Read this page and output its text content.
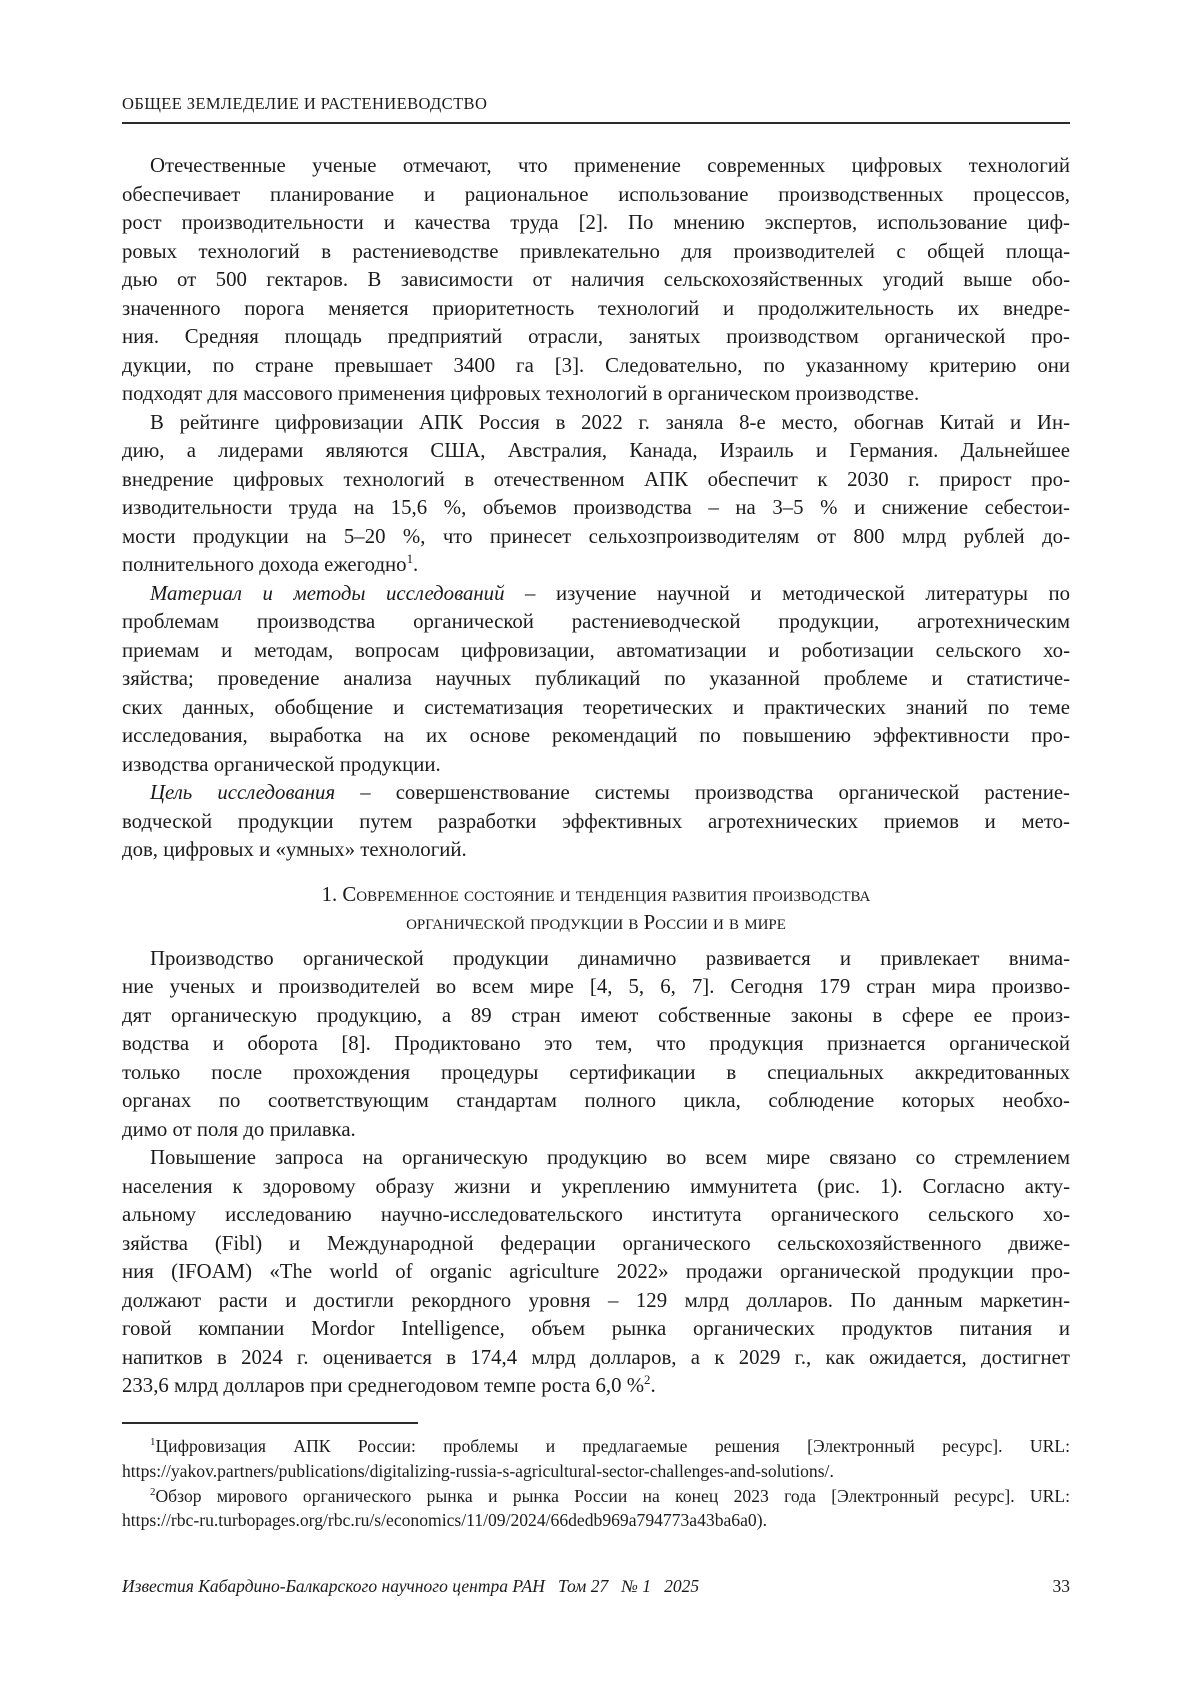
ОБЩЕЕ ЗЕМЛЕДЕЛИЕ И РАСТЕНИЕВОДСТВО
Отечественные ученые отмечают, что применение современных цифровых технологий
обеспечивает планирование и рациональное использование производственных процессов,
рост производительности и качества труда [2]. По мнению экспертов, использование циф-
ровых технологий в растениеводстве привлекательно для производителей с общей площа-
дью от 500 гектаров. В зависимости от наличия сельскохозяйственных угодий выше обо-
значенного порога меняется приоритетность технологий и продолжительность их внедре-
ния. Средняя площадь предприятий отрасли, занятых производством органической про-
дукции, по стране превышает 3400 га [3]. Следовательно, по указанному критерию они
подходят для массового применения цифровых технологий в органическом производстве.
В рейтинге цифровизации АПК Россия в 2022 г. заняла 8-е место, обогнав Китай и Ин-
дию, а лидерами являются США, Австралия, Канада, Израиль и Германия. Дальнейшее
внедрение цифровых технологий в отечественном АПК обеспечит к 2030 г. прирост про-
изводительности труда на 15,6 %, объемов производства – на 3–5 % и снижение себестои-
мости продукции на 5–20 %, что принесет сельхозпроизводителям от 800 млрд рублей до-
полнительного дохода ежегодно$^1$.
Материал и методы исследований – изучение научной и методической литературы по
проблемам производства органической растениеводческой продукции, агротехническим
приемам и методам, вопросам цифровизации, автоматизации и роботизации сельского хо-
зяйства; проведение анализа научных публикаций по указанной проблеме и статистиче-
ских данных, обобщение и систематизация теоретических и практических знаний по теме
исследования, выработка на их основе рекомендаций по повышению эффективности про-
изводства органической продукции.
Цель исследования – совершенствование системы производства органической растение-
водческой продукции путем разработки эффективных агротехнических приемов и мето-
дов, цифровых и «умных» технологий.
1. Современное состояние и тенденция развития производства
органической продукции в России и в мире
Производство органической продукции динамично развивается и привлекает внима-
ние ученых и производителей во всем мире [4, 5, 6, 7]. Сегодня 179 стран мира произво-
дят органическую продукцию, а 89 стран имеют собственные законы в сфере ее произ-
водства и оборота [8]. Продиктовано это тем, что продукция признается органической
только после прохождения процедуры сертификации в специальных аккредитованных
органах по соответствующим стандартам полного цикла, соблюдение которых необхо-
димо от поля до прилавка.
Повышение запроса на органическую продукцию во всем мире связано со стремлением
населения к здоровому образу жизни и укреплению иммунитета (рис. 1). Согласно акту-
альному исследованию научно-исследовательского института органического сельского хо-
зяйства (Fibl) и Международной федерации органического сельскохозяйственного движе-
ния (IFOAM) «The world of organic agriculture 2022» продажи органической продукции про-
должают расти и достигли рекордного уровня – 129 млрд долларов. По данным маркетин-
говой компании Mordor Intelligence, объем рынка органических продуктов питания и
напитков в 2024 г. оценивается в 174,4 млрд долларов, а к 2029 г., как ожидается, достигнет
233,6 млрд долларов при среднегодовом темпе роста 6,0 %$^2$.
$^1$Цифровизация АПК России: проблемы и предлагаемые решения [Электронный ресурс]. URL:
https://yakov.partners/publications/digitalizing-russia-s-agricultural-sector-challenges-and-solutions/.
$^2$Обзор мирового органического рынка и рынка России на конец 2023 года [Электронный ресурс]. URL:
https://rbc-ru.turbopages.org/rbc.ru/s/economics/11/09/2024/66dedb969a794773a43ba6a0).
Известия Кабардино-Балкарского научного центра РАН   Том 27   № 1   2025	33
